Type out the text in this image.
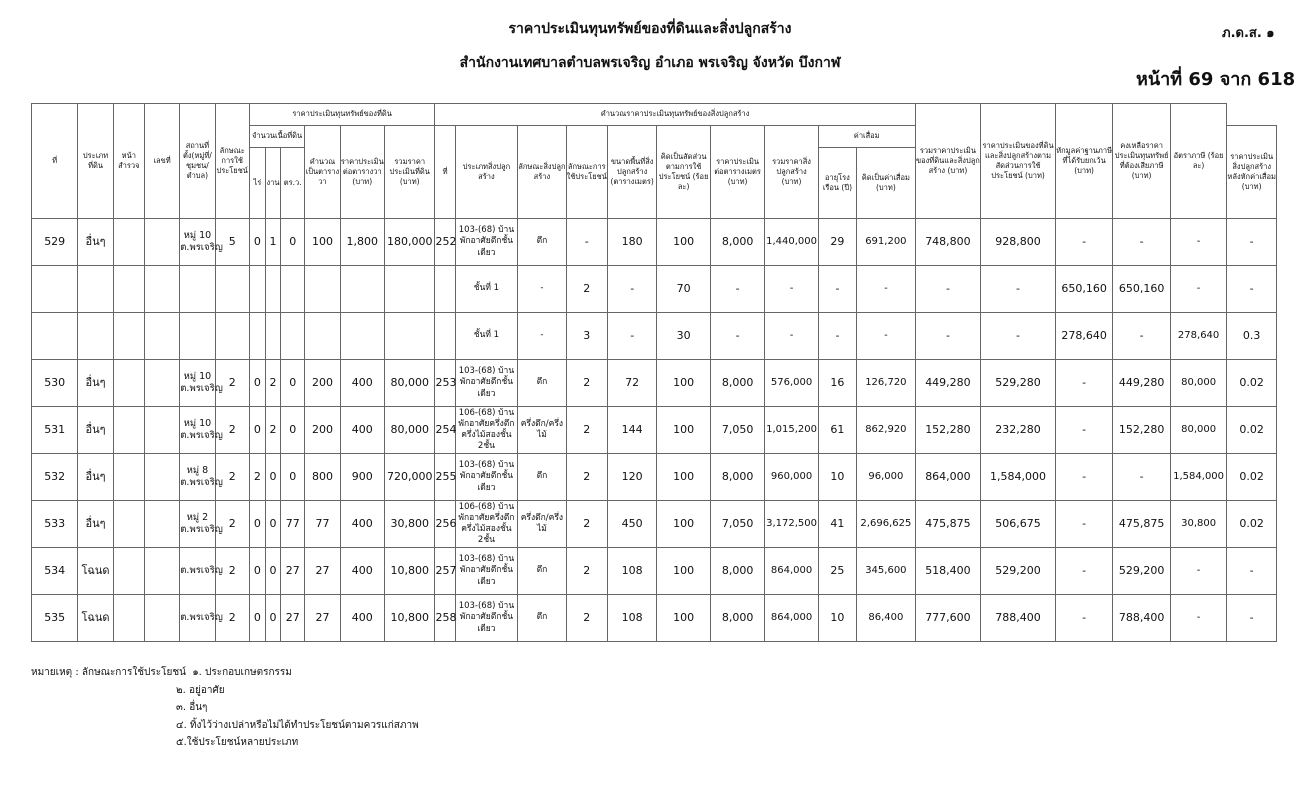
ราคาประเมินทุนทรัพย์ของที่ดินและสิ่งปลูกสร้าง
สำนักงานเทศบาลตำบลพรเจริญ อำเภอ พรเจริญ จังหวัด บึงกาฬ
ภ.ด.ส. ๑
หน้าที่ 69 จาก 618
ที่	ประเภทที่ดิน	หน้าสำรวจ	เลขที่	สถานที่ตั้ง(หมู่ที่/ชุมชน/ตำบล)	ลักษณะการใช้ประโยชน์	ราคาประเมินทุนทรัพย์ของที่ดิน						คำนวณราคาประเมินทุนทรัพย์ของสิ่งปลูกสร้าง										รวมราคาประเมินของที่ดินและสิ่งปลูกสร้าง (บาท)	ราคาประเมินของที่ดินและสิ่งปลูกสร้างตามสัดส่วนการใช้ประโยชน์ (บาท)	หักมูลค่าฐานภาษีที่ได้รับยกเว้น (บาท)	คงเหลือราคาประเมินทุนทรัพย์ที่ต้องเสียภาษี (บาท)	อัตราภาษี (ร้อยละ)	
						จำนวนเนื้อที่ดิน			คำนวณเป็นตารางวา	ราคาประเมินต่อตารางวา (บาท)	รวมราคาประเมินที่ดิน (บาท)	ที่	ประเภทสิ่งปลูกสร้าง	ลักษณะสิ่งปลูกสร้าง	ลักษณะการใช้ประโยชน์	ขนาดพื้นที่สิ่งปลูกสร้าง (ตารางเมตร)	คิดเป็นสัดส่วนตามการใช้ประโยชน์ (ร้อยละ)	ราคาประเมินต่อตารางเมตร (บาท)	รวมราคาสิ่งปลูกสร้าง (บาท)	ค่าเสื่อม							ราคาประเมินสิ่งปลูกสร้างหลังหักค่าเสื่อม (บาท)
						ไร่	งาน	ตร.ว.												อายุโรงเรือน (ปี)	คิดเป็นค่าเสื่อม (บาท)						
529	อื่นๆ			หมู่ 10 ต.พรเจริญ	5	0	1	0	100	1,800	180,000	252	103-(68) บ้านพักอาศัยตึกชั้นเดียว	ตึก	-	180	100	8,000	1,440,000	29	691,200	748,800	928,800	-	-	-	-
													ชั้นที่ 1	-	2	-	70	-	-	-	-	-	-	650,160	650,160	-	-
													ชั้นที่ 1	-	3	-	30	-	-	-	-	-	-	278,640	-	278,640	0.3
530	อื่นๆ			หมู่ 10 ต.พรเจริญ	2	0	2	0	200	400	80,000	253	103-(68) บ้านพักอาศัยตึกชั้นเดียว	ตึก	2	72	100	8,000	576,000	16	126,720	449,280	529,280	-	449,280	80,000	0.02
531	อื่นๆ			หมู่ 10 ต.พรเจริญ	2	0	2	0	200	400	80,000	254	106-(68) บ้านพักอาศัยครึ่งตึกครึ่งไม้สองชั้น 2ชั้น	ครึ่งตึก/ครึ่งไม้	2	144	100	7,050	1,015,200	61	862,920	152,280	232,280	-	152,280	80,000	0.02
532	อื่นๆ			หมู่ 8 ต.พรเจริญ	2	2	0	0	800	900	720,000	255	103-(68) บ้านพักอาศัยตึกชั้นเดียว	ตึก	2	120	100	8,000	960,000	10	96,000	864,000	1,584,000	-	-	1,584,000	0.02
533	อื่นๆ			หมู่ 2 ต.พรเจริญ	2	0	0	77	77	400	30,800	256	106-(68) บ้านพักอาศัยครึ่งตึกครึ่งไม้สองชั้น 2ชั้น	ครึ่งตึก/ครึ่งไม้	2	450	100	7,050	3,172,500	41	2,696,625	475,875	506,675	-	475,875	30,800	0.02
534	โฉนด			ต.พรเจริญ	2	0	0	27	27	400	10,800	257	103-(68) บ้านพักอาศัยตึกชั้นเดียว	ตึก	2	108	100	8,000	864,000	25	345,600	518,400	529,200	-	529,200	-	-
535	โฉนด			ต.พรเจริญ	2	0	0	27	27	400	10,800	258	103-(68) บ้านพักอาศัยตึกชั้นเดียว	ตึก	2	108	100	8,000	864,000	10	86,400	777,600	788,400	-	788,400	-	-
หมายเหตุ : ลักษณะการใช้ประโยชน์ ๑. ประกอบเกษตรกรรม
๒. อยู่อาศัย
๓. อื่นๆ
๔. ทิ้งไว้ว่างเปล่าหรือไม่ได้ทำประโยชน์ตามควรแก่สภาพ
๕.ใช้ประโยชน์หลายประเภท
